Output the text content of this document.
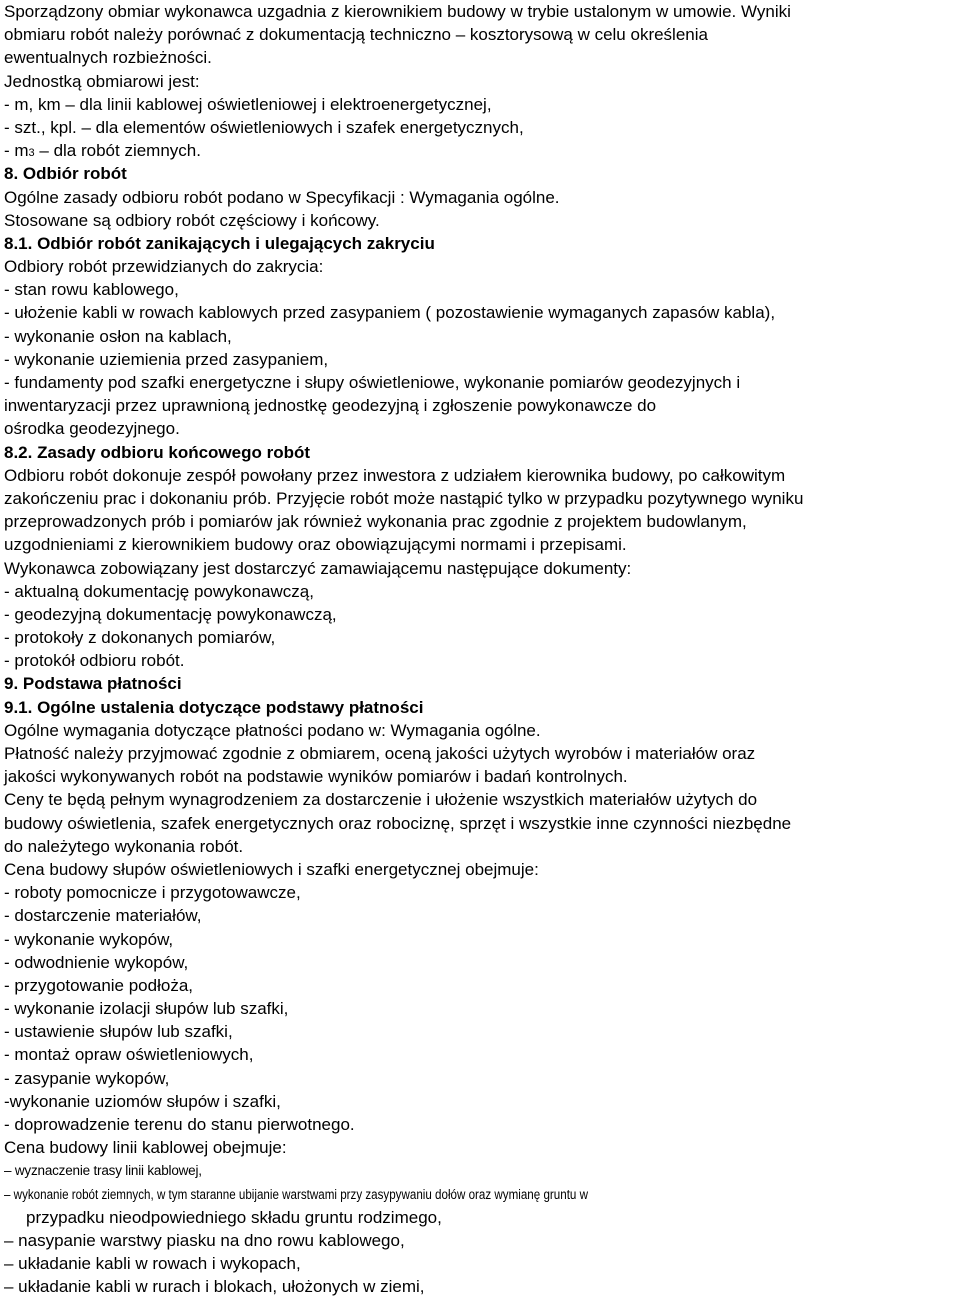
Sporządzony obmiar wykonawca uzgadnia z kierownikiem budowy w trybie ustalonym w umowie. Wyniki
obmiaru robót należy porównać z dokumentacją techniczno – kosztorysową w celu określenia
ewentualnych rozbieżności.
Jednostką obmiarowi jest:
- m, km – dla linii kablowej oświetleniowej i elektroenergetycznej,
- szt., kpl. – dla elementów oświetleniowych i szafek energetycznych,
- m3 – dla robót ziemnych.
8. Odbiór robót
Ogólne zasady odbioru robót podano w Specyfikacji : Wymagania ogólne.
Stosowane są odbiory robót częściowy i końcowy.
8.1. Odbiór robót zanikających i ulegających zakryciu
Odbiory robót przewidzianych do zakrycia:
- stan rowu kablowego,
- ułożenie kabli w rowach kablowych przed zasypaniem ( pozostawienie wymaganych zapasów kabla),
- wykonanie osłon na kablach,
- wykonanie uziemienia przed zasypaniem,
- fundamenty pod szafki energetyczne i słupy oświetleniowe, wykonanie pomiarów geodezyjnych i
inwentaryzacji przez uprawnioną jednostkę geodezyjną i zgłoszenie powykonawcze do
ośrodka geodezyjnego.
8.2. Zasady odbioru końcowego robót
Odbioru robót dokonuje zespół powołany przez inwestora z udziałem kierownika budowy, po całkowitym
zakończeniu prac i dokonaniu prób. Przyjęcie robót może nastąpić tylko w przypadku pozytywnego wyniku
przeprowadzonych prób i pomiarów jak również wykonania prac zgodnie z projektem budowlanym,
uzgodnieniami z kierownikiem budowy oraz obowiązującymi normami i przepisami.
Wykonawca zobowiązany jest dostarczyć zamawiającemu następujące dokumenty:
- aktualną dokumentację powykonawczą,
- geodezyjną dokumentację powykonawczą,
- protokoły z dokonanych pomiarów,
- protokół odbioru robót.
9. Podstawa płatności
9.1. Ogólne ustalenia dotyczące podstawy płatności
Ogólne wymagania dotyczące płatności podano w: Wymagania ogólne.
Płatność należy przyjmować zgodnie z obmiarem, oceną jakości użytych wyrobów i materiałów oraz
jakości wykonywanych robót na podstawie wyników pomiarów i badań kontrolnych.
Ceny te będą pełnym wynagrodzeniem za dostarczenie i ułożenie wszystkich materiałów użytych do
budowy oświetlenia, szafek energetycznych oraz robociznę, sprzęt i wszystkie inne czynności niezbędne
do należytego wykonania robót.
Cena budowy słupów oświetleniowych i szafki energetycznej obejmuje:
- roboty pomocnicze i przygotowawcze,
- dostarczenie materiałów,
- wykonanie wykopów,
- odwodnienie wykopów,
- przygotowanie podłoża,
- wykonanie izolacji słupów lub szafki,
- ustawienie słupów lub szafki,
- montaż opraw oświetleniowych,
- zasypanie wykopów,
-wykonanie uziomów słupów i szafki,
- doprowadzenie terenu do stanu pierwotnego.
Cena budowy linii kablowej obejmuje:
– wyznaczenie trasy linii kablowej,
– wykonanie robót ziemnych, w tym staranne ubijanie warstwami przy zasypywaniu dołów oraz wymianę gruntu w
przypadku nieodpowiedniego składu gruntu rodzimego,
– nasypanie warstwy piasku na dno rowu kablowego,
– układanie kabli w rowach i wykopach,
– układanie kabli w rurach i blokach, ułożonych w ziemi,
